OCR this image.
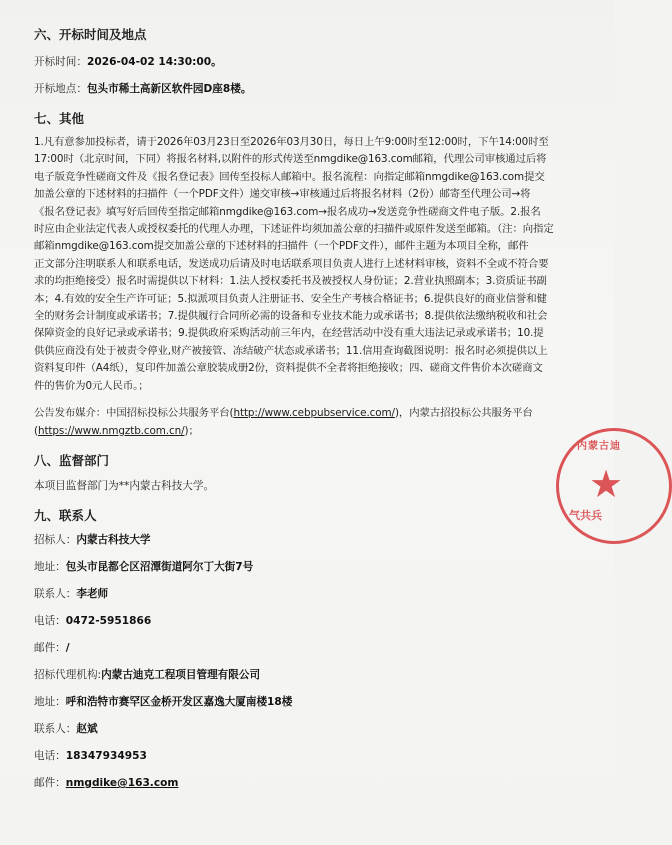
六、开标时间及地点

开标时间：2026-04-02 14:30:00。

开标地点：包头市稀土高新区软件园D座8楼。

七、其他

1.凡有意参加投标者，请于2026年03月23日至2026年03月30日，每日上午9:00时至12:00时，下午14:00时至

17:00时（北京时间，下同）将报名材料,以附件的形式传送至nmgdike@163.com邮箱，代理公司审核通过后将

电子版竞争性磋商文件及《报名登记表》回传至投标人邮箱中。报名流程：向指定邮箱nmgdike@163.com提交

加盖公章的下述材料的扫描件（一个PDF文件）递交审核→审核通过后将报名材料（2份）邮寄至代理公司→将

《报名登记表》填写好后回传至指定邮箱nmgdike@163.com→报名成功→发送竞争性磋商文件电子版。2.报名

时应由企业法定代表人或授权委托的代理人办理，下述证件均须加盖公章的扫描件或原件发送至邮箱。（注：向指定

邮箱nmgdike@163.com提交加盖公章的下述材料的扫描件（一个PDF文件），邮件主题为本项目全称，邮件

正文部分注明联系人和联系电话，发送成功后请及时电话联系项目负责人进行上述材料审核，资料不全或不符合要

求的均拒绝接受）报名时需提供以下材料：1.法人授权委托书及被授权人身份证；2.营业执照副本；3.资质证书副

本；4.有效的安全生产许可证；5.拟派项目负责人注册证书、安全生产考核合格证书；6.提供良好的商业信誉和健

全的财务会计制度或承诺书；7.提供履行合同所必需的设备和专业技术能力或承诺书；8.提供依法缴纳税收和社会

保障资金的良好记录或承诺书；9.提供政府采购活动前三年内，在经营活动中没有重大违法记录或承诺书；10.提

供供应商没有处于被责令停业,财产被接管、冻结破产状态或承诺书；11.信用查询截图说明：报名时必须提供以上

资料复印件（A4纸），复印件加盖公章胶装成册2份，资料提供不全者将拒绝接收；四、磋商文件售价本次磋商文

件的售价为0元人民币。；

公告发布媒介：中国招标投标公共服务平台(http://www.cebpubservice.com/)，内蒙古招投标公共服务平台

(https://www.nmgztb.com.cn/)；

八、监督部门

本项目监督部门为**内蒙古科技大学。

九、联系人

招标人：内蒙古科技大学

地址：包头市昆都仑区沼潭街道阿尔丁大街7号

联系人：李老师

电话：0472-5951866

邮件：/

招标代理机构:内蒙古迪克工程项目管理有限公司

地址：呼和浩特市赛罕区金桥开发区嘉逸大厦南楼18楼

联系人：赵斌

电话：18347934953

邮件：nmgdike@163.com

内蒙古迪
★
气共兵
